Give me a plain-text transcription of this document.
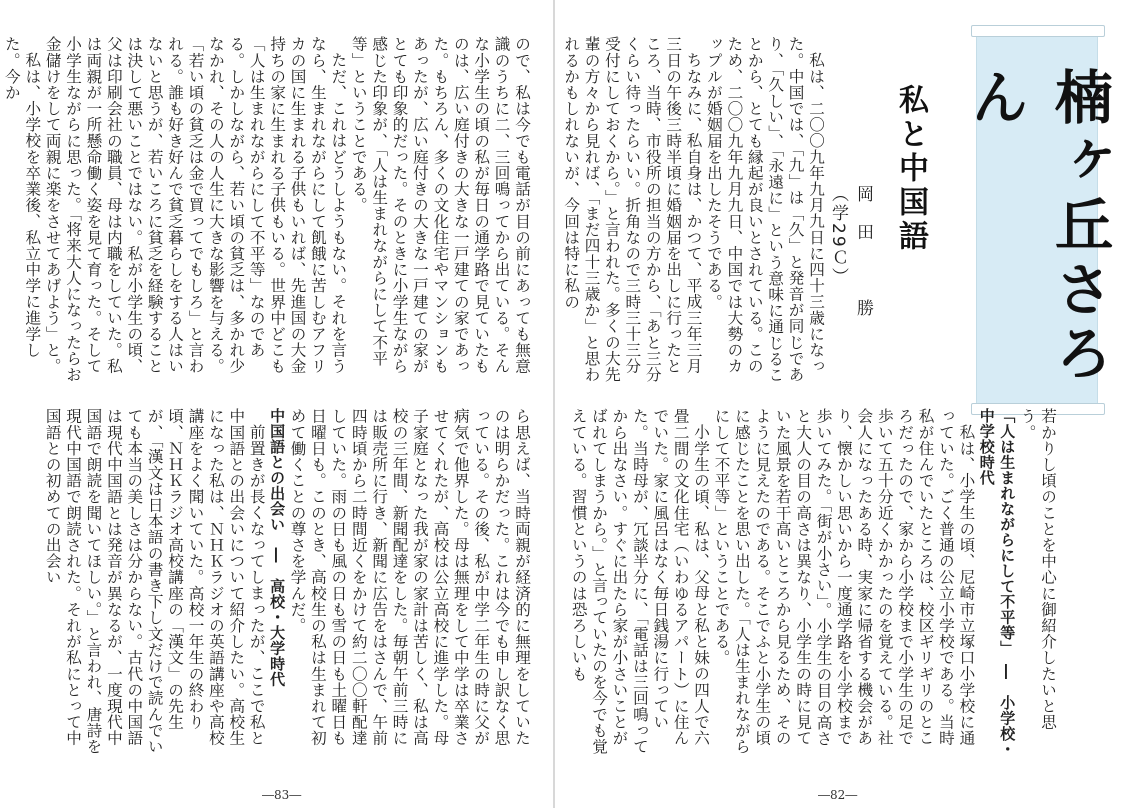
ので、私は今でも電話が目の前にあっても無意識のうちに二、三回鳴ってから出ている。そんな小学生の頃の私が毎日の通学路で見ていたものは、広い庭付きの大きな一戸建ての家であった。もちろん、多くの文化住宅やマンションもあったが、広い庭付きの大きな一戸建ての家がとても印象的だった。そのときに小学生ながら感じた印象が、「人は生まれながらにして不平等」ということである。

ただ、これはどうしようもない。それを言うなら、生まれながらにして飢餓に苦しむアフリカの国に生まれる子供もいれば、先進国の大金持ちの家に生まれる子供もいる。世界中どこも「人は生まれながらにして不平等」なのである。しかしながら、若い頃の貧乏は、多かれ少なかれ、その人の人生に大きな影響を与える。「若い頃の貧乏は金で買ってでもしろ」と言われる。誰も好き好んで貧乏暮らしをする人はいないと思うが、若いころに貧乏を経験することは決して悪いことではない。私が小学生の頃、父は印刷会社の職員、母は内職をしていた。私は両親が一所懸命働く姿を見て育った。そして小学生ながらに思った。「将来大人になったらお金儲けをして両親に楽をさせてあげよう」と。

私は、小学校を卒業後、私立中学に進学した。今か

ら思えば、当時両親が経済的に無理をしていたのは明らかだった。これは今でも申し訳なく思っている。その後、私が中学二年生の時に父が病気で他界した。母は無理をして中学は卒業させてくれたが、高校は公立高校に進学した。母子家庭となった我が家の家計は苦しく、私は高校の三年間、新聞配達をした。毎朝午前三時には販売所に行き、新聞に広告をはさんで、午前四時頃から二時間近くをかけて約二〇〇軒配達していた。雨の日も風の日も雪の日も土曜日も日曜日も。このとき、高校生の私は生まれて初めて働くことの尊さを学んだ。

中国語との出会い　―　高校・大学時代

前置きが長くなってしまったが、ここで私と中国語との出会いについて紹介したい。高校生になった私は、ＮＨＫラジオの英語講座や高校講座をよく聞いていた。高校一年生の終わり頃、ＮＨＫラジオ高校講座の「漢文」の先生が、「漢文は日本語の書き下し文だけで読んでいても本当の美しさは分からない。古代の中国語は現代中国語とは発音が異なるが、一度現代中国語で朗読を聞いてほしい。」と言われ、唐詩を現代中国語で朗読された。それが私にとって中国語との初めての出会い

―83―
楠ヶ丘さろん
私と中国語
岡　田　　　勝（学29Ｃ）

私は、二〇〇九年九月九日に四十三歳になった。中国では、「九」は「久」と発音が同じであり、「久しい」、「永遠に」という意味に通じることから、とても縁起が良いとされている。このため、二〇〇九年九月九日、中国では大勢のカップルが婚姻届を出したそうである。

ちなみに、私自身は、かつて、平成三年三月三日の午後三時半頃に婚姻届を出しに行ったところ、当時、市役所の担当の方から、「あと三分くらい待ったらいい。折角なので三時三十三分受付にしておくから。」と言われた。多くの大先輩の方々から見れば、「まだ四十三歳か」と思われるかもしれないが、今回は特に私の

若かりし頃のことを中心に御紹介したいと思う。

「人は生まれながらにして不平等」　―　小学校・中学校時代

私は、小学生の頃、尼崎市立塚口小学校に通っていた。ごく普通の公立小学校である。当時私が住んでいたところは、校区ギリギリのところだったので、家から小学校まで小学生の足で歩いて五十分近くかかったのを覚えている。社会人になったある時、実家に帰省する機会があり、懐かしい思いから一度通学路を小学校まで歩いてみた。「街が小さい」。小学生の目の高さと大人の目の高さは異なり、小学生の時に見ていた風景を若干高いところから見るため、そのように見えたのである。そこでふと小学生の頃に感じたことを思い出した。「人は生まれながらにして不平等」ということである。

小学生の頃、私は、父母と私と妹の四人で六畳二間の文化住宅（いわゆるアパート）に住んでいた。家に風呂はなく毎日銭湯に行っていた。当時母が、冗談半分に、「電話は三回鳴ってから出なさい。すぐに出たら家が小さいことがばれてしまうから。」と言っていたのを今でも覚えている。習慣というのは恐ろしいも

―82―
